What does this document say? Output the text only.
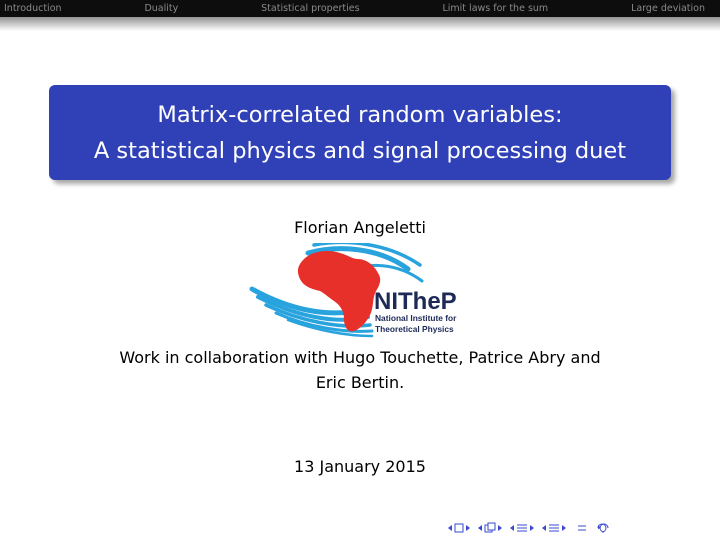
Introduction	Duality	Statistical properties	Limit laws for the sum	Large deviation
Matrix-correlated random variables:
A statistical physics and signal processing duet
Florian Angeletti
NITheP
National Institute for
Theoretical Physics
Work in collaboration with Hugo Touchette, Patrice Abry and
Eric Bertin.
13 January 2015
